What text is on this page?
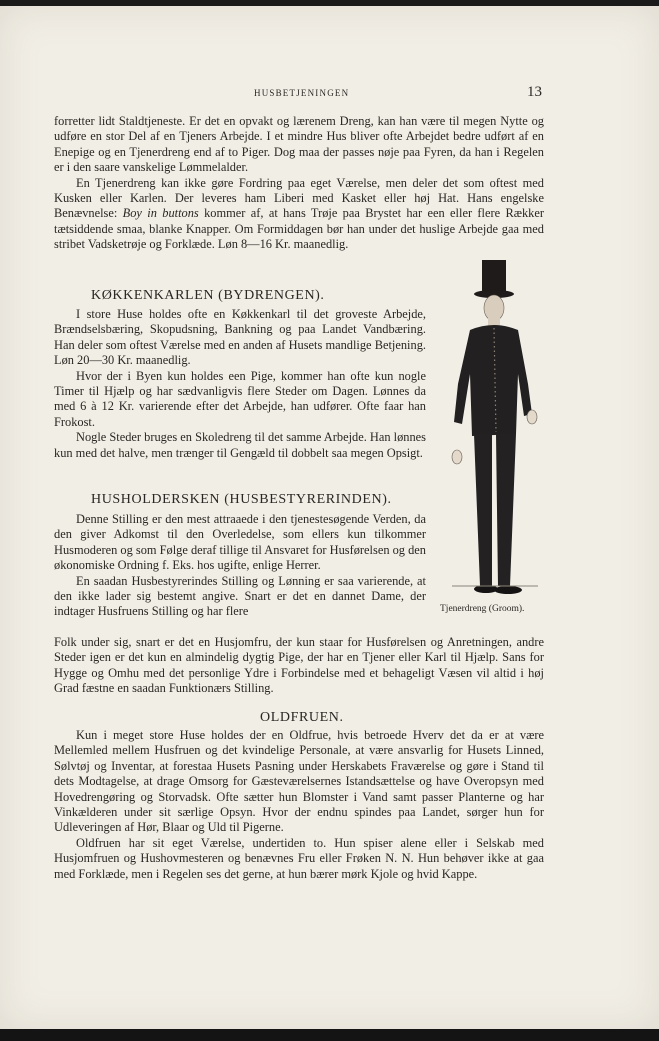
HUSBETJENINGEN	13

forretter lidt Staldtjeneste. Er det en opvakt og lærenem Dreng, kan han være til megen Nytte og udføre en stor Del af en Tjeners Arbejde. I et mindre Hus bliver ofte Arbejdet bedre udført af en Enepige og en Tjenerdreng end af to Piger. Dog maa der passes nøje paa Fyren, da han i Regelen er i den saare vanskelige Lømmelalder.

En Tjenerdreng kan ikke gøre Fordring paa eget Værelse, men deler det som oftest med Kusken eller Karlen. Der leveres ham Liberi med Kasket eller høj Hat. Hans engelske Benævnelse: Boy in buttons kommer af, at hans Trøje paa Brystet har een eller flere Rækker tætsiddende smaa, blanke Knapper. Om Formiddagen bør han under det huslige Arbejde gaa med stribet Vadsketrøje og Forklæde. Løn 8—16 Kr. maanedlig.

KØKKENKARLEN (BYDRENGEN).

I store Huse holdes ofte en Køkkenkarl til det groveste Arbejde, Brændselsbæring, Skopudsning, Bankning og paa Landet Vandbæring. Han deler som oftest Værelse med en anden af Husets mandlige Betjening. Løn 20—30 Kr. maanedlig.

Hvor der i Byen kun holdes een Pige, kommer han ofte kun nogle Timer til Hjælp og har sædvanligvis flere Steder om Dagen. Lønnes da med 6 à 12 Kr. varierende efter det Arbejde, han udfører. Ofte faar han Frokost.

Nogle Steder bruges en Skoledreng til det samme Arbejde. Han lønnes kun med det halve, men trænger til Gengæld til dobbelt saa megen Opsigt.

HUSHOLDERSKEN (HUSBESTYRERINDEN).

Denne Stilling er den mest attraaede i den tjenestesøgende Verden, da den giver Adkomst til den Overledelse, som ellers kun tilkommer Husmoderen og som Følge deraf tillige til Ansvaret for Husførelsen og den økonomiske Ordning f. Eks. hos ugifte, enlige Herrer.

En saadan Husbestyrerindes Stilling og Lønning er saa varierende, at den ikke lader sig bestemt angive. Snart er det en dannet Dame, der indtager Husfruens Stilling og har flere

Folk under sig, snart er det en Husjomfru, der kun staar for Husførelsen og Anretningen, andre Steder igen er det kun en almindelig dygtig Pige, der har en Tjener eller Karl til Hjælp. Sans for Hygge og Omhu med det personlige Ydre i Forbindelse med et behageligt Væsen vil altid i høj Grad fæstne en saadan Funktionærs Stilling.

OLDFRUEN.

Kun i meget store Huse holdes der en Oldfrue, hvis betroede Hverv det da er at være Mellemled mellem Husfruen og det kvindelige Personale, at være ansvarlig for Husets Linned, Sølvtøj og Inventar, at forestaa Husets Pasning under Herskabets Fraværelse og gøre i Stand til dets Modtagelse, at drage Omsorg for Gæsteværelsernes Istandsættelse og have Overopsyn med Hovedrengøring og Storvadsk. Ofte sætter hun Blomster i Vand samt passer Planterne og har Vinkælderen under sit særlige Opsyn. Hvor der endnu spindes paa Landet, sørger hun for Udleveringen af Hør, Blaar og Uld til Pigerne.

Oldfruen har sit eget Værelse, undertiden to. Hun spiser alene eller i Selskab med Husjomfruen og Hushovmesteren og benævnes Fru eller Frøken N. N. Hun behøver ikke at gaa med Forklæde, men i Regelen ses det gerne, at hun bærer mørk Kjole og hvid Kappe.

Tjenerdreng (Groom).
